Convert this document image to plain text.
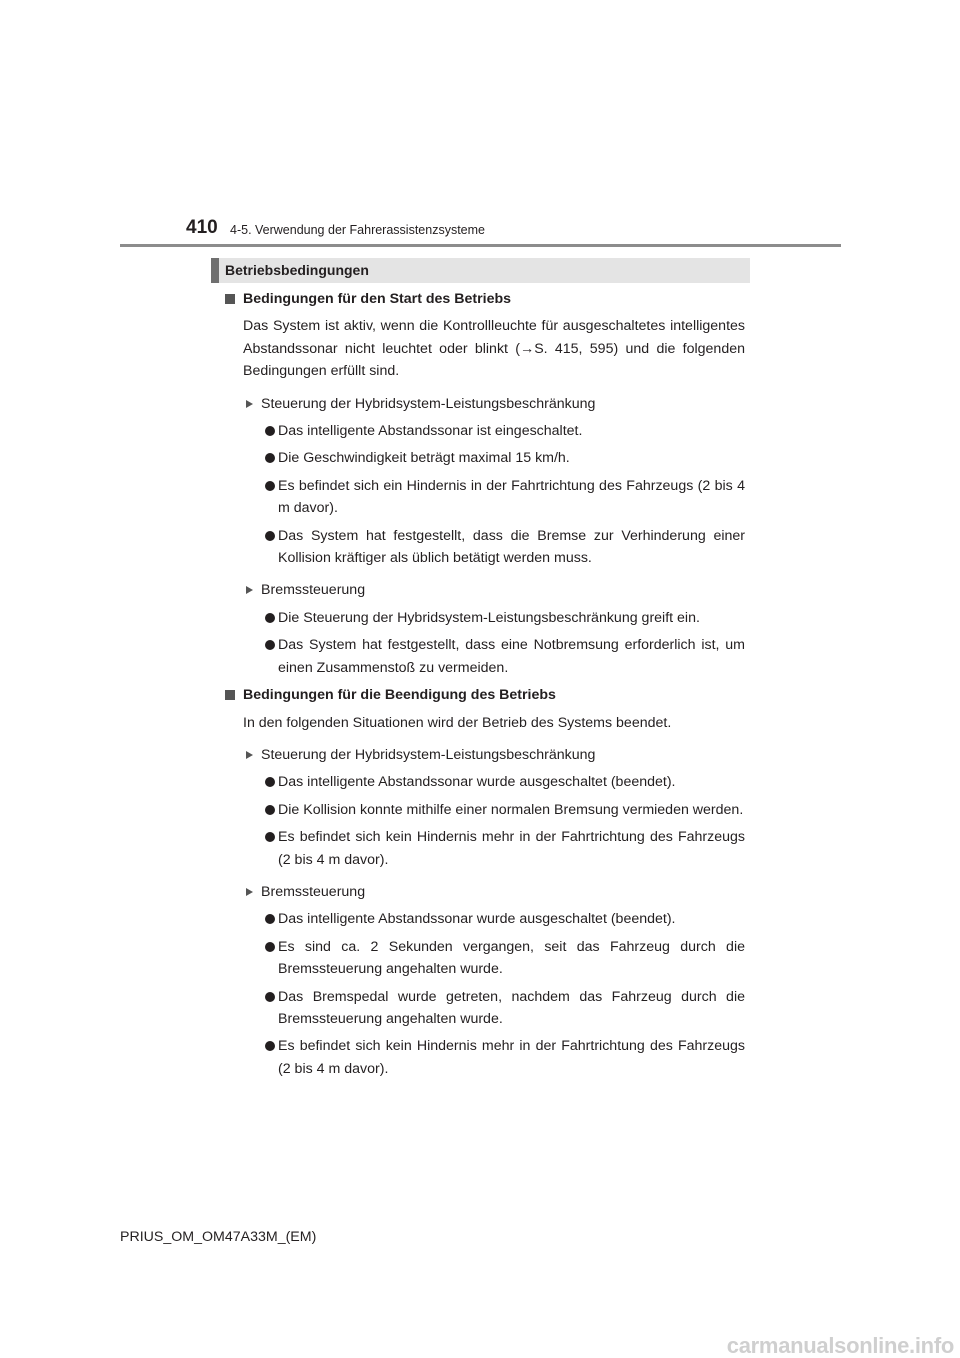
410 4-5. Verwendung der Fahrerassistenzsysteme
Betriebsbedingungen
Bedingungen für den Start des Betriebs
Das System ist aktiv, wenn die Kontrollleuchte für ausgeschaltetes intelligentes Abstandssonar nicht leuchtet oder blinkt (→S. 415, 595) und die folgenden Bedingungen erfüllt sind.
Steuerung der Hybridsystem-Leistungsbeschränkung
Das intelligente Abstandssonar ist eingeschaltet.
Die Geschwindigkeit beträgt maximal 15 km/h.
Es befindet sich ein Hindernis in der Fahrtrichtung des Fahrzeugs (2 bis 4 m davor).
Das System hat festgestellt, dass die Bremse zur Verhinderung einer Kollision kräftiger als üblich betätigt werden muss.
Bremssteuerung
Die Steuerung der Hybridsystem-Leistungsbeschränkung greift ein.
Das System hat festgestellt, dass eine Notbremsung erforderlich ist, um einen Zusammenstoß zu vermeiden.
Bedingungen für die Beendigung des Betriebs
In den folgenden Situationen wird der Betrieb des Systems beendet.
Steuerung der Hybridsystem-Leistungsbeschränkung
Das intelligente Abstandssonar wurde ausgeschaltet (beendet).
Die Kollision konnte mithilfe einer normalen Bremsung vermieden werden.
Es befindet sich kein Hindernis mehr in der Fahrtrichtung des Fahrzeugs (2 bis 4 m davor).
Bremssteuerung
Das intelligente Abstandssonar wurde ausgeschaltet (beendet).
Es sind ca. 2 Sekunden vergangen, seit das Fahrzeug durch die Bremssteuerung angehalten wurde.
Das Bremspedal wurde getreten, nachdem das Fahrzeug durch die Bremssteuerung angehalten wurde.
Es befindet sich kein Hindernis mehr in der Fahrtrichtung des Fahrzeugs (2 bis 4 m davor).
PRIUS_OM_OM47A33M_(EM)
carmanualsonline.info
